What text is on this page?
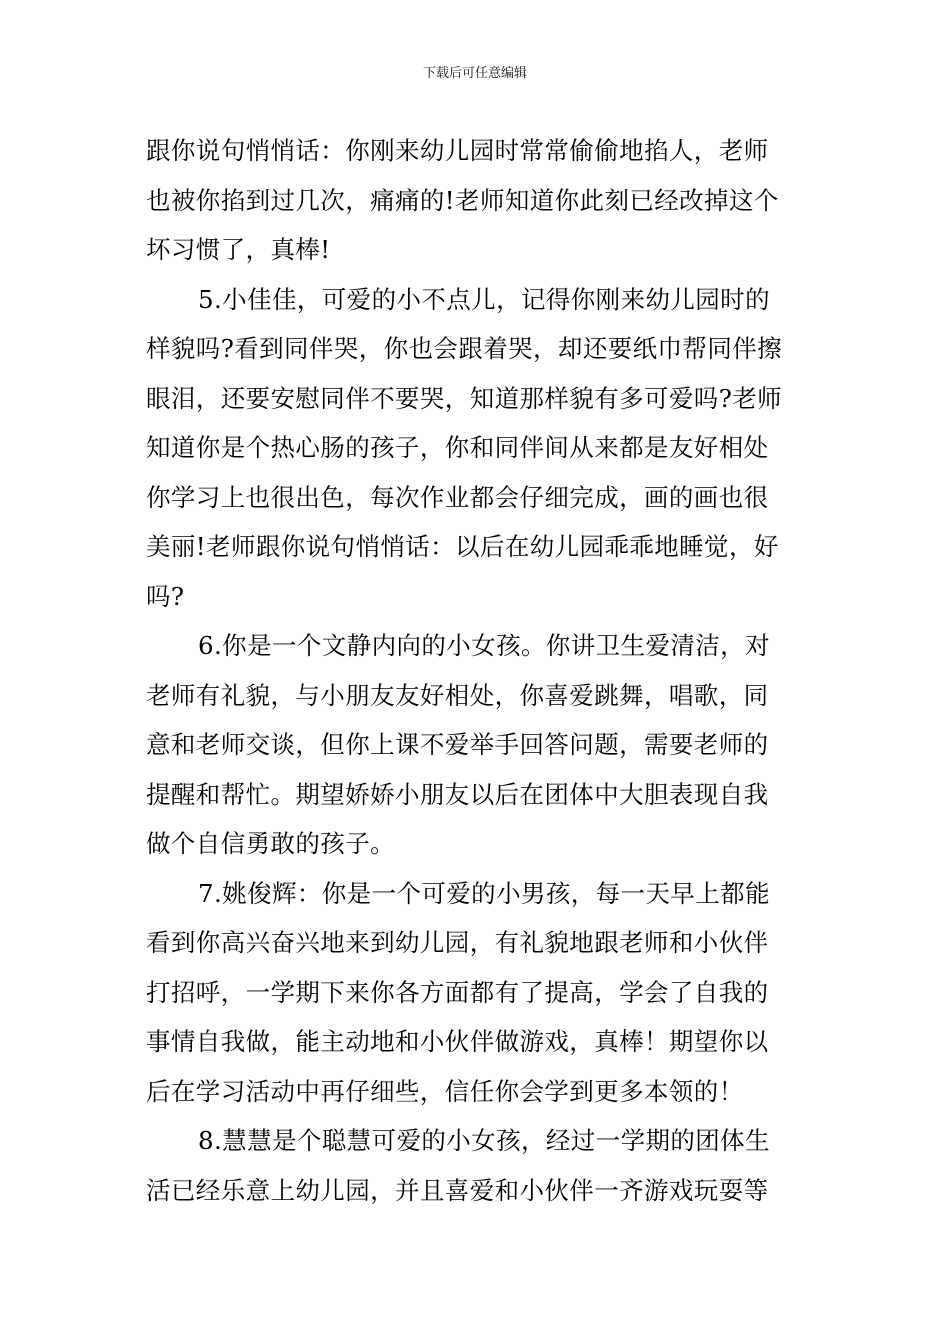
下载后可任意编辑
跟你说句悄悄话：你刚来幼儿园时常常偷偷地掐人，老师
也被你掐到过几次，痛痛的!老师知道你此刻已经改掉这个
坏习惯了，真棒!
5.小佳佳，可爱的小不点儿，记得你刚来幼儿园时的
样貌吗?看到同伴哭，你也会跟着哭，却还要纸巾帮同伴擦
眼泪，还要安慰同伴不要哭，知道那样貌有多可爱吗?老师
知道你是个热心肠的孩子，你和同伴间从来都是友好相处
你学习上也很出色，每次作业都会仔细完成，画的画也很
美丽!老师跟你说句悄悄话：以后在幼儿园乖乖地睡觉，好
吗?
6.你是一个文静内向的小女孩。你讲卫生爱清洁，对
老师有礼貌，与小朋友友好相处，你喜爱跳舞，唱歌，同
意和老师交谈，但你上课不爱举手回答问题，需要老师的
提醒和帮忙。期望娇娇小朋友以后在团体中大胆表现自我
做个自信勇敢的孩子。
7.姚俊辉：你是一个可爱的小男孩，每一天早上都能
看到你高兴奋兴地来到幼儿园，有礼貌地跟老师和小伙伴
打招呼，一学期下来你各方面都有了提高，学会了自我的
事情自我做，能主动地和小伙伴做游戏，真棒！期望你以
后在学习活动中再仔细些，信任你会学到更多本领的！
8.慧慧是个聪慧可爱的小女孩，经过一学期的团体生
活已经乐意上幼儿园，并且喜爱和小伙伴一齐游戏玩耍等
